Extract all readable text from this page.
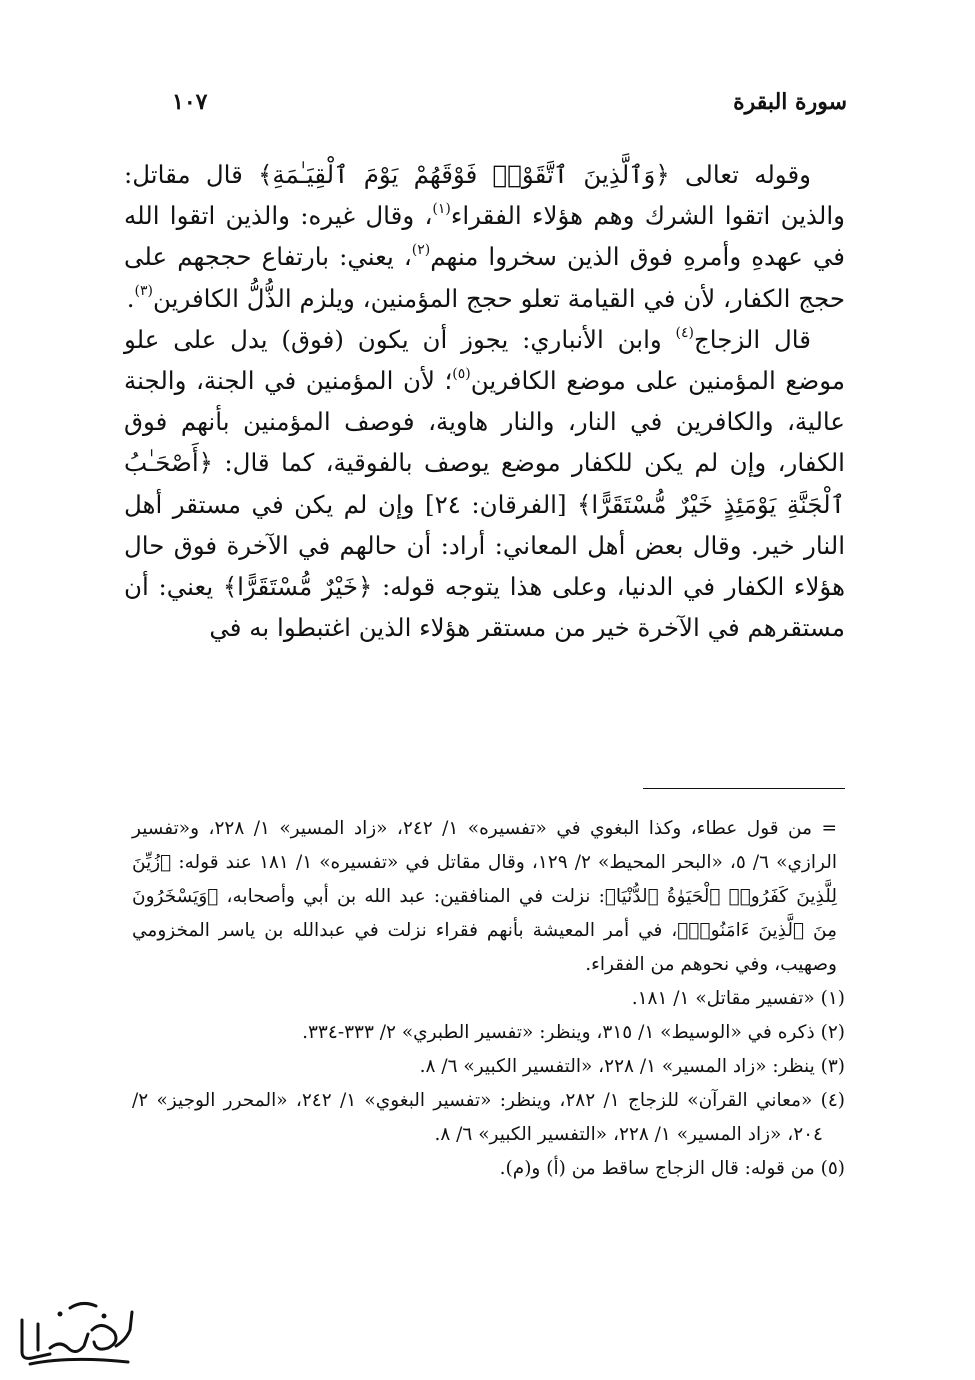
سورة البقرة
١٠٧

وقوله تعالى ﴿وَٱلَّذِينَ ٱتَّقَوْا۟ فَوْقَهُمْ يَوْمَ ٱلْقِيَـٰمَةِ﴾ قال مقاتل: والذين اتقوا الشرك وهم هؤلاء الفقراء$^{(١)}$، وقال غيره: والذين اتقوا الله في عهدهِ وأمرهِ فوق الذين سخروا منهم$^{(٢)}$، يعني: بارتفاع حججهم على حجج الكفار، لأن في القيامة تعلو حجج المؤمنين، ويلزم الذُّلُّ الكافرين$^{(٣)}$.

قال الزجاج$^{(٤)}$ وابن الأنباري: يجوز أن يكون (فوق) يدل على علو موضع المؤمنين على موضع الكافرين$^{(٥)}$؛ لأن المؤمنين في الجنة، والجنة عالية، والكافرين في النار، والنار هاوية، فوصف المؤمنين بأنهم فوق الكفار، وإن لم يكن للكفار موضع يوصف بالفوقية، كما قال: ﴿أَصْحَـٰبُ ٱلْجَنَّةِ يَوْمَئِذٍ خَيْرٌ مُّسْتَقَرًّا﴾ [الفرقان: ٢٤] وإن لم يكن في مستقر أهل النار خير. وقال بعض أهل المعاني: أراد: أن حالهم في الآخرة فوق حال هؤلاء الكفار في الدنيا، وعلى هذا يتوجه قوله: ﴿خَيْرٌ مُّسْتَقَرًّا﴾ يعني: أن مستقرهم في الآخرة خير من مستقر هؤلاء الذين اغتبطوا به في

= من قول عطاء، وكذا البغوي في «تفسيره» ١/ ٢٤٢، «زاد المسير» ١/ ٢٢٨، و«تفسير الرازي» ٦/ ٥، «البحر المحيط» ٢/ ١٢٩، وقال مقاتل في «تفسيره» ١/ ١٨١ عند قوله: ﴿زُيِّنَ لِلَّذِينَ كَفَرُوا۟ ٱلْحَيَوٰةُ ٱلدُّنْيَا﴾: نزلت في المنافقين: عبد الله بن أبي وأصحابه، ﴿وَيَسْخَرُونَ مِنَ ٱلَّذِينَ ءَامَنُوا۟﴾، في أمر المعيشة بأنهم فقراء نزلت في عبدالله بن ياسر المخزومي وصهيب، وفي نحوهم من الفقراء.

(١) «تفسير مقاتل» ١/ ١٨١.

(٢) ذكره في «الوسيط» ١/ ٣١٥، وينظر: «تفسير الطبري» ٢/ ٣٣٣-٣٣٤.

(٣) ينظر: «زاد المسير» ١/ ٢٢٨، «التفسير الكبير» ٦/ ٨.

(٤) «معاني القرآن» للزجاج ١/ ٢٨٢، وينظر: «تفسير البغوي» ١/ ٢٤٢، «المحرر الوجيز» ٢/ ٢٠٤، «زاد المسير» ١/ ٢٢٨، «التفسير الكبير» ٦/ ٨.

(٥) من قوله: قال الزجاج ساقط من (أ) و(م).
